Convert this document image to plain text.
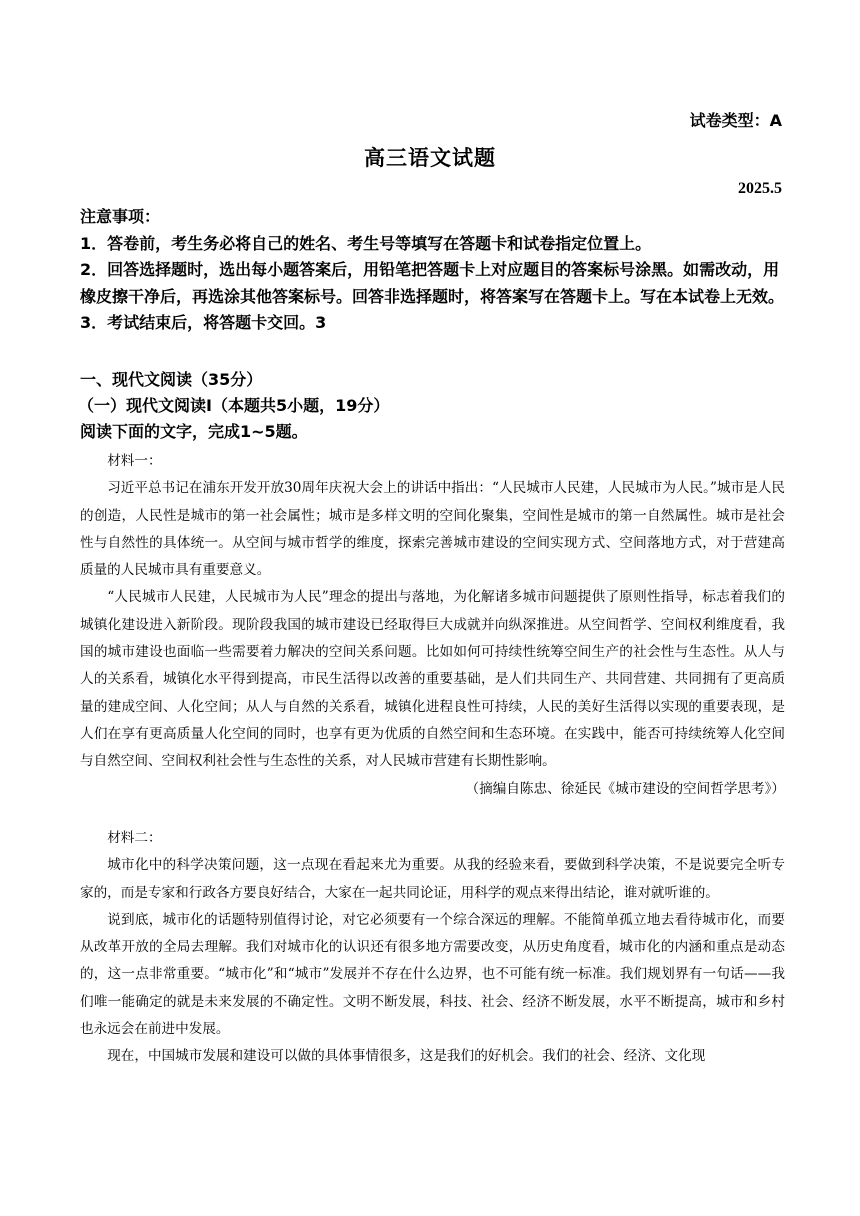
试卷类型：A
高三语文试题
2025.5

注意事项：

1．答卷前，考生务必将自己的姓名、考生号等填写在答题卡和试卷指定位置上。

2．回答选择题时，选出每小题答案后，用铅笔把答题卡上对应题目的答案标号涂黑。如需改动，用橡皮擦干净后，再选涂其他答案标号。回答非选择题时，将答案写在答题卡上。写在本试卷上无效。

3．考试结束后，将答题卡交回。3

一、现代文阅读（35分）

（一）现代文阅读Ⅰ（本题共5小题，19分）

阅读下面的文字，完成1~5题。

材料一：

习近平总书记在浦东开发开放30周年庆祝大会上的讲话中指出：“人民城市人民建，人民城市为人民。”城市是人民的创造，人民性是城市的第一社会属性；城市是多样文明的空间化聚集，空间性是城市的第一自然属性。城市是社会性与自然性的具体统一。从空间与城市哲学的维度，探索完善城市建设的空间实现方式、空间落地方式，对于营建高质量的人民城市具有重要意义。

“人民城市人民建，人民城市为人民”理念的提出与落地，为化解诸多城市问题提供了原则性指导，标志着我们的城镇化建设进入新阶段。现阶段我国的城市建设已经取得巨大成就并向纵深推进。从空间哲学、空间权利维度看，我国的城市建设也面临一些需要着力解决的空间关系问题。比如如何可持续性统筹空间生产的社会性与生态性。从人与人的关系看，城镇化水平得到提高，市民生活得以改善的重要基础，是人们共同生产、共同营建、共同拥有了更高质量的建成空间、人化空间；从人与自然的关系看，城镇化进程良性可持续，人民的美好生活得以实现的重要表现，是人们在享有更高质量人化空间的同时，也享有更为优质的自然空间和生态环境。在实践中，能否可持续统筹人化空间与自然空间、空间权利社会性与生态性的关系，对人民城市营建有长期性影响。

（摘编自陈忠、徐延民《城市建设的空间哲学思考》）

材料二：

城市化中的科学决策问题，这一点现在看起来尤为重要。从我的经验来看，要做到科学决策，不是说要完全听专家的，而是专家和行政各方要良好结合，大家在一起共同论证，用科学的观点来得出结论，谁对就听谁的。

说到底，城市化的话题特别值得讨论，对它必须要有一个综合深远的理解。不能简单孤立地去看待城市化，而要从改革开放的全局去理解。我们对城市化的认识还有很多地方需要改变，从历史角度看，城市化的内涵和重点是动态的，这一点非常重要。“城市化”和“城市”发展并不存在什么边界，也不可能有统一标准。我们规划界有一句话——我们唯一能确定的就是未来发展的不确定性。文明不断发展，科技、社会、经济不断发展，水平不断提高，城市和乡村也永远会在前进中发展。

现在，中国城市发展和建设可以做的具体事情很多，这是我们的好机会。我们的社会、经济、文化现
